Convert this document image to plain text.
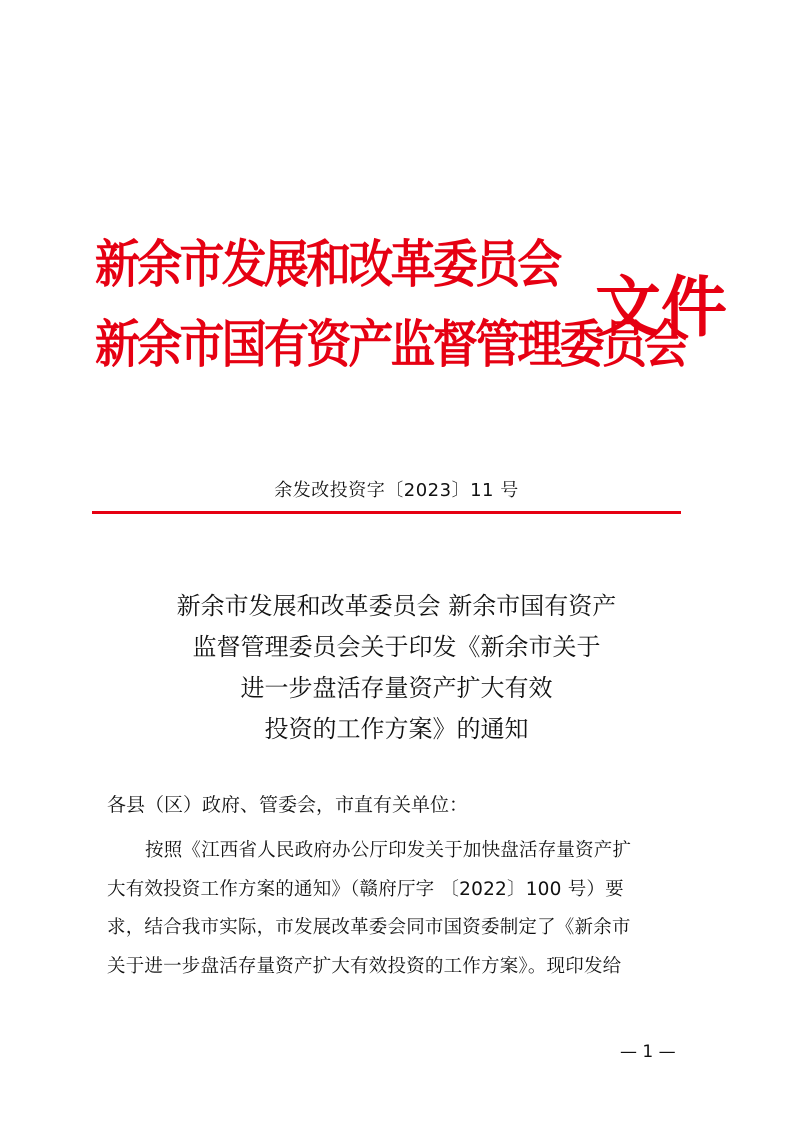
新余市发展和改革委员会
新余市国有资产监督管理委员会
文件
余发改投资字〔2023〕11 号
新余市发展和改革委员会 新余市国有资产
监督管理委员会关于印发《新余市关于
进一步盘活存量资产扩大有效
投资的工作方案》的通知
各县（区）政府、管委会，市直有关单位：
按照《江西省人民政府办公厅印发关于加快盘活存量资产扩
大有效投资工作方案的通知》（赣府厅字 〔2022〕100 号）要
求，结合我市实际，市发展改革委会同市国资委制定了《新余市
关于进一步盘活存量资产扩大有效投资的工作方案》。现印发给
— 1 —
